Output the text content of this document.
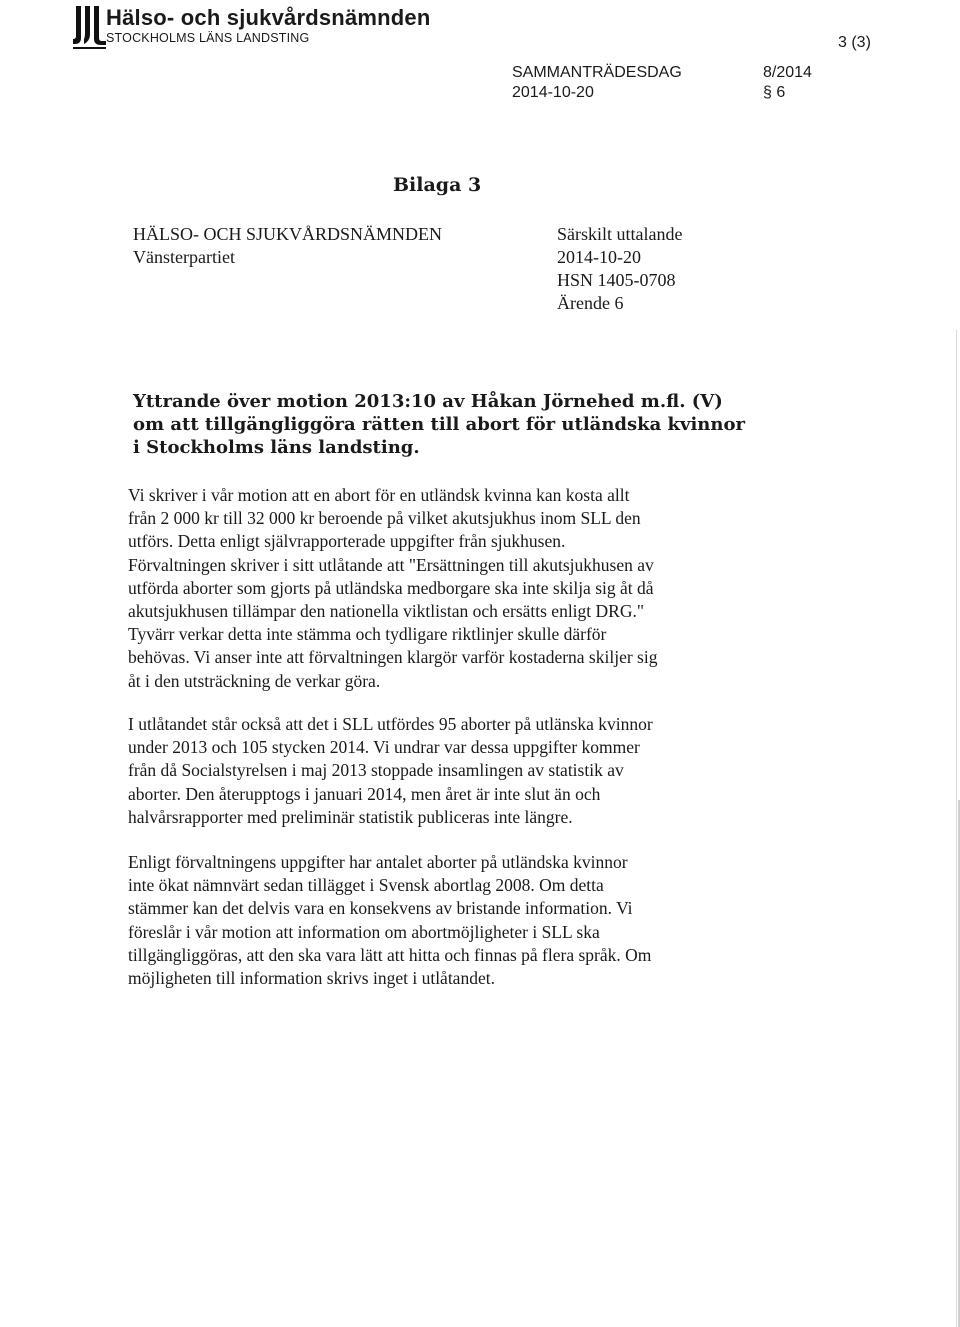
Hälso- och sjukvårdsnämnden
STOCKHOLMS LÄNS LANDSTING	3 (3)
SAMMANTRÄDESDAG	8/2014
2014-10-20	§ 6
Bilaga 3
HÄLSO- OCH SJUKVÅRDSNÄMNDEN
Vänsterpartiet
Särskilt uttalande
2014-10-20
HSN 1405-0708
Ärende 6
Yttrande över motion 2013:10 av Håkan Jörnehed m.fl. (V) om att tillgängliggöra rätten till abort för utländska kvinnor i Stockholms läns landsting.
Vi skriver i vår motion att en abort för en utländsk kvinna kan kosta allt
från 2 000 kr till 32 000 kr beroende på vilket akutsjukhus inom SLL den
utförs. Detta enligt självrapporterade uppgifter från sjukhusen.
Förvaltningen skriver i sitt utlåtande att "Ersättningen till akutsjukhusen av
utförda aborter som gjorts på utländska medborgare ska inte skilja sig åt då
akutsjukhusen tillämpar den nationella viktlistan och ersätts enligt DRG."
Tyvärr verkar detta inte stämma och tydligare riktlinjer skulle därför
behövas. Vi anser inte att förvaltningen klargör varför kostaderna skiljer sig
åt i den utsträckning de verkar göra.
I utlåtandet står också att det i SLL utfördes 95 aborter på utlänska kvinnor
under 2013 och 105 stycken 2014. Vi undrar var dessa uppgifter kommer
från då Socialstyrelsen i maj 2013 stoppade insamlingen av statistik av
aborter. Den återupptogs i januari 2014, men året är inte slut än och
halvårsrapporter med preliminär statistik publiceras inte längre.
Enligt förvaltningens uppgifter har antalet aborter på utländska kvinnor
inte ökat nämnvärt sedan tillägget i Svensk abortlag 2008. Om detta
stämmer kan det delvis vara en konsekvens av bristande information. Vi
föreslår i vår motion att information om abortmöjligheter i SLL ska
tillgängliggöras, att den ska vara lätt att hitta och finnas på flera språk. Om
möjligheten till information skrivs inget i utlåtandet.
